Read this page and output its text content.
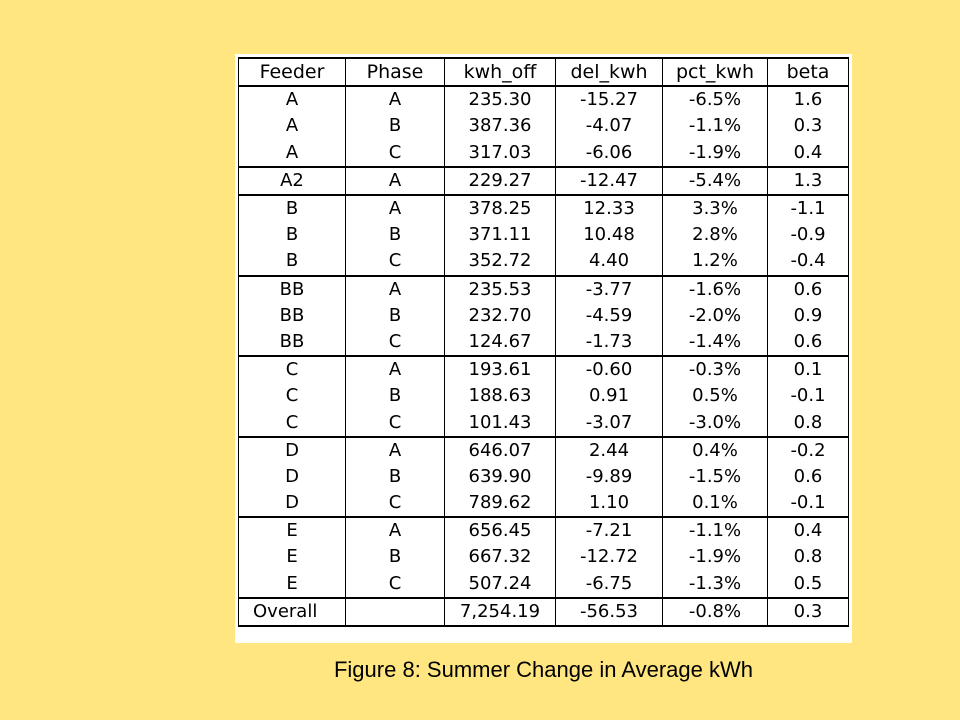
Feeder	Phase	kwh_off	del_kwh	pct_kwh	beta
A	A	235.30	-15.27	-6.5%	1.6
A	B	387.36	-4.07	-1.1%	0.3
A	C	317.03	-6.06	-1.9%	0.4
A2	A	229.27	-12.47	-5.4%	1.3
B	A	378.25	12.33	3.3%	-1.1
B	B	371.11	10.48	2.8%	-0.9
B	C	352.72	4.40	1.2%	-0.4
BB	A	235.53	-3.77	-1.6%	0.6
BB	B	232.70	-4.59	-2.0%	0.9
BB	C	124.67	-1.73	-1.4%	0.6
C	A	193.61	-0.60	-0.3%	0.1
C	B	188.63	0.91	0.5%	-0.1
C	C	101.43	-3.07	-3.0%	0.8
D	A	646.07	2.44	0.4%	-0.2
D	B	639.90	-9.89	-1.5%	0.6
D	C	789.62	1.10	0.1%	-0.1
E	A	656.45	-7.21	-1.1%	0.4
E	B	667.32	-12.72	-1.9%	0.8
E	C	507.24	-6.75	-1.3%	0.5
Overall		7,254.19	-56.53	-0.8%	0.3
Figure 8: Summer Change in Average kWh
